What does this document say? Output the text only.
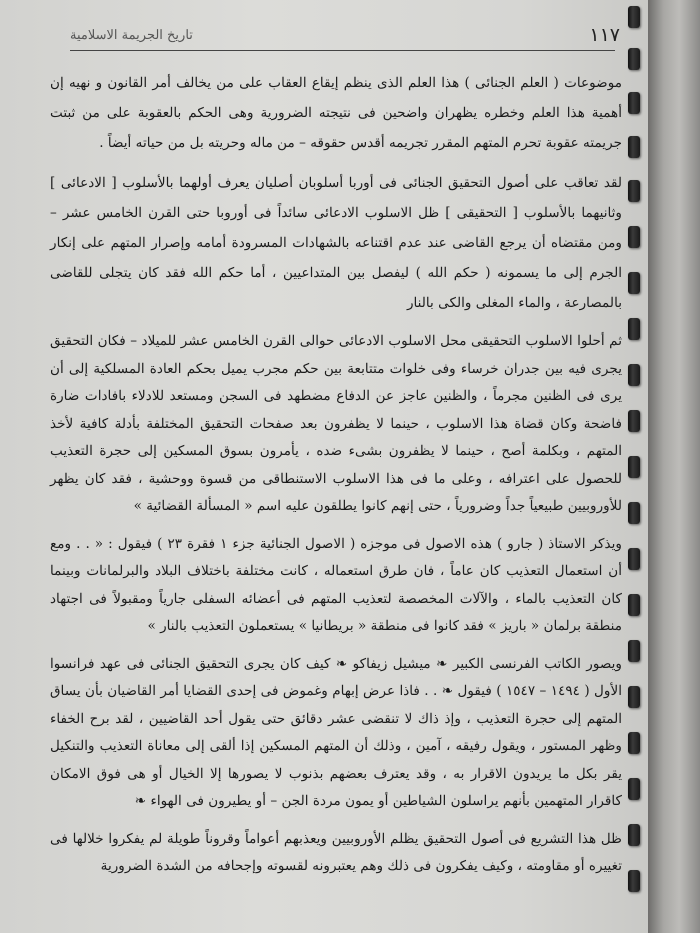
١١٧
تاريخ الجريمة الاسلامية

موضوعات ( العلم الجنائى ) هذا العلم الذى ينظم إيقاع العقاب على من يخالف أمر القانون و نهيه إن أهمية هذا العلم وخطره يظهران واضحين فى نتيجته الضرورية وهى الحكم بالعقوبة على من ثبتت جريمته عقوبة تحرم المتهم المقرر تجريمه أقدس حقوقه – من ماله وحريته بل من حياته أيضاً .

لقد تعاقب على أصول التحقيق الجنائى فى أوربا أسلوبان أصليان يعرف أولهما بالأسلوب [ الادعائى ] وثانيهما بالأسلوب [ التحقيقى ] ظل الاسلوب الادعائى سائداً فى أوروبا حتى القرن الخامس عشر – ومن مقتضاه أن يرجع القاضى عند عدم اقتناعه بالشهادات المسرودة أمامه وإصرار المتهم على إنكار الجرم إلى ما يسمونه ( حكم الله ) ليفصل بين المتداعيين ، أما حكم الله فقد كان يتجلى للقاضى بالمصارعة ، والماء المغلى والكى بالنار

ثم أحلوا الاسلوب التحقيقى محل الاسلوب الادعائى حوالى القرن الخامس عشر للميلاد – فكان التحقيق يجرى فيه بين جدران خرساء وفى خلوات متتابعة بين حكم مجرب يميل بحكم العادة المسلكية إلى أن يرى فى الظنين مجرماً ، والظنين عاجز عن الدفاع مضطهد فى السجن ومستعد للادلاء بافادات ضارة فاضحة وكان قضاة هذا الاسلوب ، حينما لا يظفرون بعد صفحات التحقيق المختلفة بأدلة كافية لأخذ المتهم ، وبكلمة أصح ، حينما لا يظفرون بشىء ضده ، يأمرون بسوق المسكين إلى حجرة التعذيب للحصول على اعترافه ، وعلى ما فى هذا الاسلوب الاستنطاقى من قسوة ووحشية ، فقد كان يظهر للأوروبيين طبيعياً جداً وضرورياً ، حتى إنهم كانوا يطلقون عليه اسم « المسألة القضائية »

ويذكر الاستاذ ( جارو ) هذه الاصول فى موجزه ( الاصول الجنائية جزء ١ فقرة ٢٣ ) فيقول : « . . ومع أن استعمال التعذيب كان عاماً ، فان طرق استعماله ، كانت مختلفة باختلاف البلاد والبرلمانات وبينما كان التعذيب بالماء ، والآلات المخصصة لتعذيب المتهم فى أعضائه السفلى جارياً ومقبولاً فى اجتهاد منطقة برلمان « باريز » فقد كانوا فى منطقة « بريطانيا » يستعملون التعذيب بالنار »

ويصور الكاتب الفرنسى الكبير ❧ ميشيل زيفاكو ❧ كيف كان يجرى التحقيق الجنائى فى عهد فرانسوا الأول ( ١٤٩٤ – ١٥٤٧ ) فيقول ❧ . . فاذا عرض إبهام وغموض فى إحدى القضايا أمر القاضيان بأن يساق المتهم إلى حجرة التعذيب ، وإذ ذاك لا تنقضى عشر دقائق حتى يقول أحد القاضيين ، لقد برح الخفاء وظهر المستور ، ويقول رفيقه ، آمين ، وذلك أن المتهم المسكين إذا ألقى إلى معاناة التعذيب والتنكيل يقر بكل ما يريدون الاقرار به ، وقد يعترف بعضهم بذنوب لا يصورها إلا الخيال أو هى فوق الامكان كاقرار المتهمين بأنهم يراسلون الشياطين أو يمون مردة الجن – أو يطيرون فى الهواء ❧

ظل هذا التشريع فى أصول التحقيق يظلم الأوروبيين ويعذبهم أعواماً وقروناً طويلة لم يفكروا خلالها فى تغييره أو مقاومته ، وكيف يفكرون فى ذلك وهم يعتبرونه لقسوته وإجحافه من الشدة الضرورية
